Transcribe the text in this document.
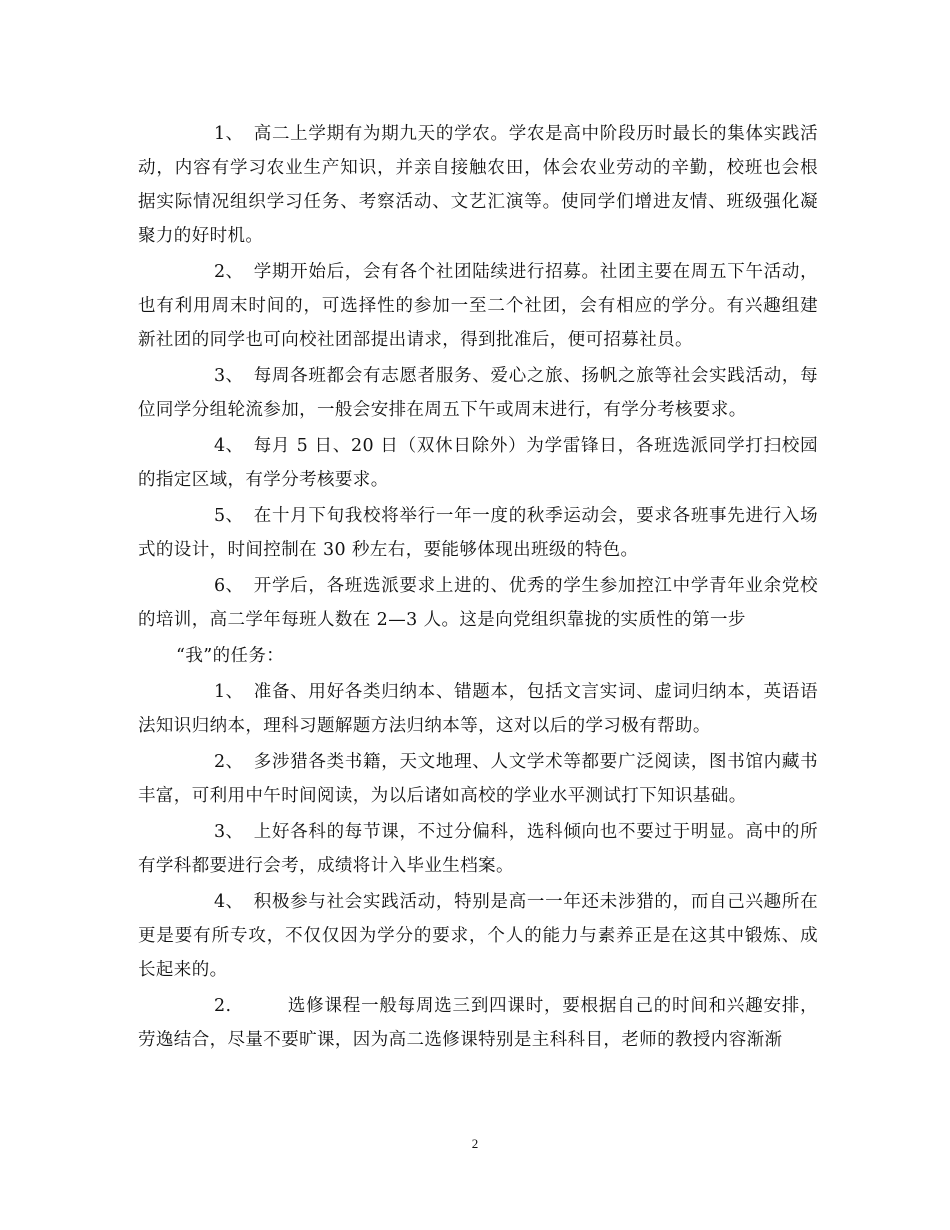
1、 高二上学期有为期九天的学农。学农是高中阶段历时最长的集体实践活动，内容有学习农业生产知识，并亲自接触农田，体会农业劳动的辛勤，校班也会根据实际情况组织学习任务、考察活动、文艺汇演等。使同学们增进友情、班级强化凝聚力的好时机。

2、 学期开始后，会有各个社团陆续进行招募。社团主要在周五下午活动，也有利用周末时间的，可选择性的参加一至二个社团，会有相应的学分。有兴趣组建新社团的同学也可向校社团部提出请求，得到批准后，便可招募社员。

3、 每周各班都会有志愿者服务、爱心之旅、扬帆之旅等社会实践活动，每位同学分组轮流参加，一般会安排在周五下午或周末进行，有学分考核要求。

4、 每月 5 日、20 日（双休日除外）为学雷锋日，各班选派同学打扫校园的指定区域，有学分考核要求。

5、 在十月下旬我校将举行一年一度的秋季运动会，要求各班事先进行入场式的设计，时间控制在 30 秒左右，要能够体现出班级的特色。

6、 开学后，各班选派要求上进的、优秀的学生参加控江中学青年业余党校的培训，高二学年每班人数在 2—3 人。这是向党组织靠拢的实质性的第一步

“我”的任务：

1、 准备、用好各类归纳本、错题本，包括文言实词、虚词归纳本，英语语法知识归纳本，理科习题解题方法归纳本等，这对以后的学习极有帮助。

2、 多涉猎各类书籍，天文地理、人文学术等都要广泛阅读，图书馆内藏书丰富，可利用中午时间阅读，为以后诸如高校的学业水平测试打下知识基础。

3、 上好各科的每节课，不过分偏科，选科倾向也不要过于明显。高中的所有学科都要进行会考，成绩将计入毕业生档案。

4、 积极参与社会实践活动，特别是高一一年还未涉猎的，而自己兴趣所在更是要有所专攻，不仅仅因为学分的要求，个人的能力与素养正是在这其中锻炼、成长起来的。

2.	选修课程一般每周选三到四课时，要根据自己的时间和兴趣安排，劳逸结合，尽量不要旷课，因为高二选修课特别是主科科目，老师的教授内容渐渐

2
